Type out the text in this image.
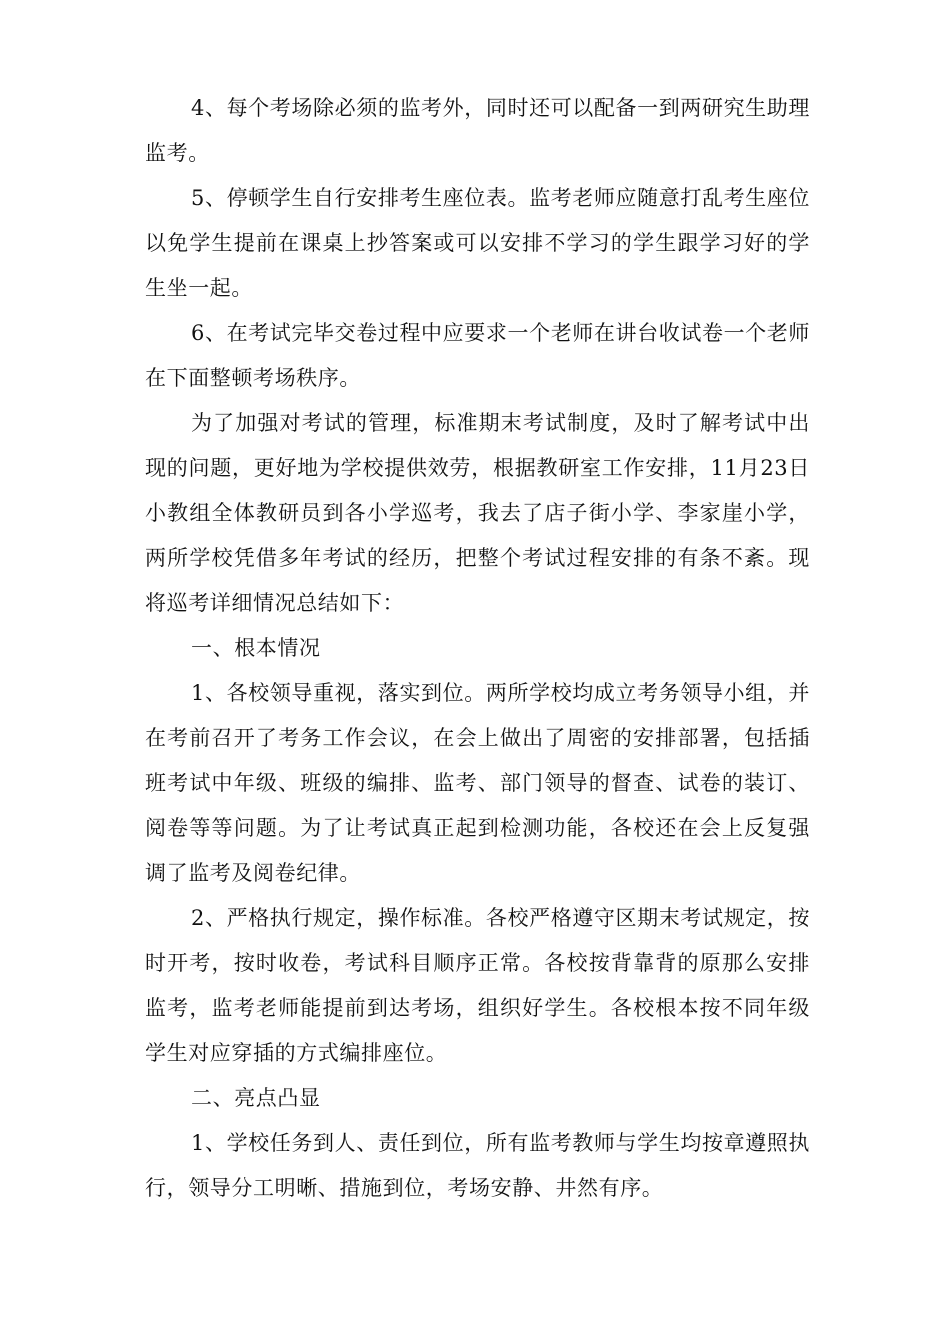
4、每个考场除必须的监考外，同时还可以配备一到两研究生助理监考。

5、停顿学生自行安排考生座位表。监考老师应随意打乱考生座位以免学生提前在课桌上抄答案或可以安排不学习的学生跟学习好的学生坐一起。

6、在考试完毕交卷过程中应要求一个老师在讲台收试卷一个老师在下面整顿考场秩序。

为了加强对考试的管理，标准期末考试制度，及时了解考试中出现的问题，更好地为学校提供效劳，根据教研室工作安排，11月23日小教组全体教研员到各小学巡考，我去了店子街小学、李家崖小学，两所学校凭借多年考试的经历，把整个考试过程安排的有条不紊。现将巡考详细情况总结如下：

一、根本情况

1、各校领导重视，落实到位。两所学校均成立考务领导小组，并在考前召开了考务工作会议，在会上做出了周密的安排部署，包括插班考试中年级、班级的编排、监考、部门领导的督查、试卷的装订、阅卷等等问题。为了让考试真正起到检测功能，各校还在会上反复强调了监考及阅卷纪律。

2、严格执行规定，操作标准。各校严格遵守区期末考试规定，按时开考，按时收卷，考试科目顺序正常。各校按背靠背的原那么安排监考，监考老师能提前到达考场，组织好学生。各校根本按不同年级学生对应穿插的方式编排座位。

二、亮点凸显

1、学校任务到人、责任到位，所有监考教师与学生均按章遵照执行，领导分工明晰、措施到位，考场安静、井然有序。
